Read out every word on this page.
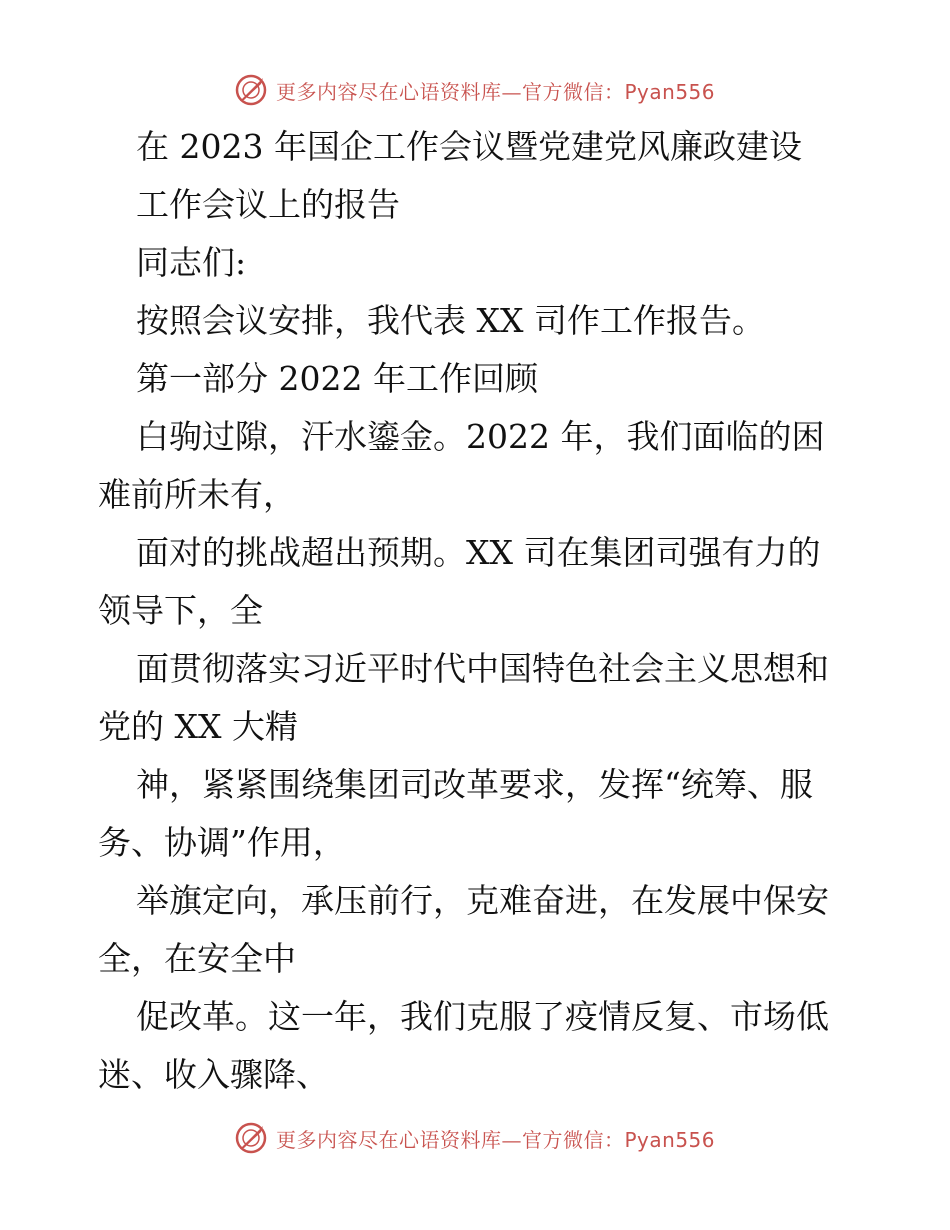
更多内容尽在心语资料库—官方微信：Pyan556
在 2023 年国企工作会议暨党建党风廉政建设
工作会议上的报告
同志们:
按照会议安排，我代表 XX 司作工作报告。
第一部分 2022 年工作回顾
白驹过隙，汗水鎏金。2022 年，我们面临的困
难前所未有，
面对的挑战超出预期。XX 司在集团司强有力的
领导下，全
面贯彻落实习近平时代中国特色社会主义思想和
党的 XX 大精
神，紧紧围绕集团司改革要求，发挥“统筹、服
务、协调”作用，
举旗定向，承压前行，克难奋进，在发展中保安
全，在安全中
促改革。这一年，我们克服了疫情反复、市场低
迷、收入骤降、
更多内容尽在心语资料库—官方微信：Pyan556
